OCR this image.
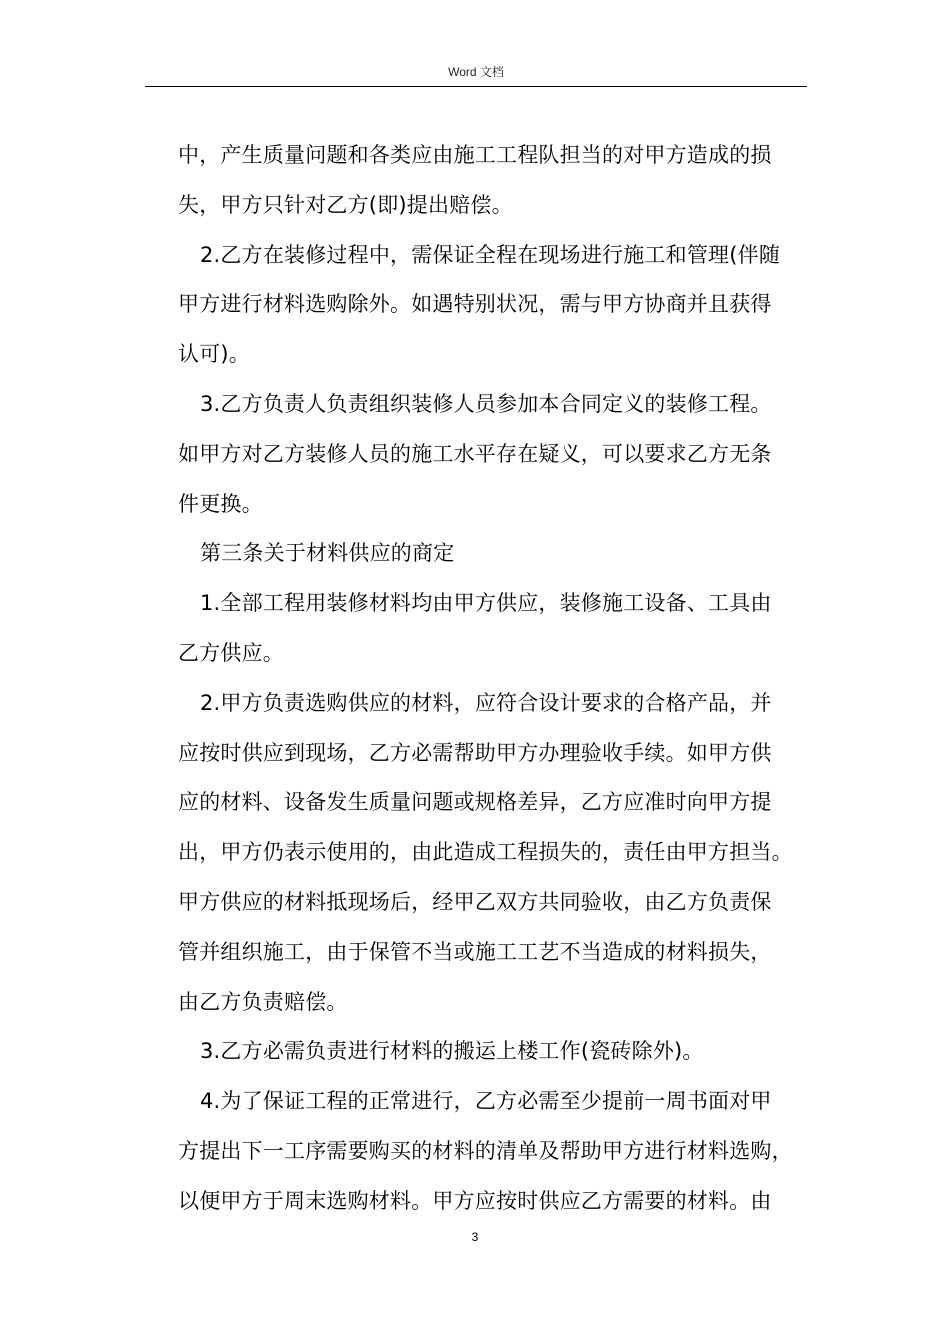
Word 文档
中，产生质量问题和各类应由施工工程队担当的对甲方造成的损
失，甲方只针对乙方(即)提出赔偿。
2.乙方在装修过程中，需保证全程在现场进行施工和管理(伴随
甲方进行材料选购除外。如遇特别状况，需与甲方协商并且获得
认可)。
3.乙方负责人负责组织装修人员参加本合同定义的装修工程。
如甲方对乙方装修人员的施工水平存在疑义，可以要求乙方无条
件更换。
第三条关于材料供应的商定
1.全部工程用装修材料均由甲方供应，装修施工设备、工具由
乙方供应。
2.甲方负责选购供应的材料，应符合设计要求的合格产品，并
应按时供应到现场，乙方必需帮助甲方办理验收手续。如甲方供
应的材料、设备发生质量问题或规格差异，乙方应准时向甲方提
出，甲方仍表示使用的，由此造成工程损失的，责任由甲方担当。
甲方供应的材料抵现场后，经甲乙双方共同验收，由乙方负责保
管并组织施工，由于保管不当或施工工艺不当造成的材料损失，
由乙方负责赔偿。
3.乙方必需负责进行材料的搬运上楼工作(瓷砖除外)。
4.为了保证工程的正常进行，乙方必需至少提前一周书面对甲
方提出下一工序需要购买的材料的清单及帮助甲方进行材料选购，
以便甲方于周末选购材料。甲方应按时供应乙方需要的材料。由
3
